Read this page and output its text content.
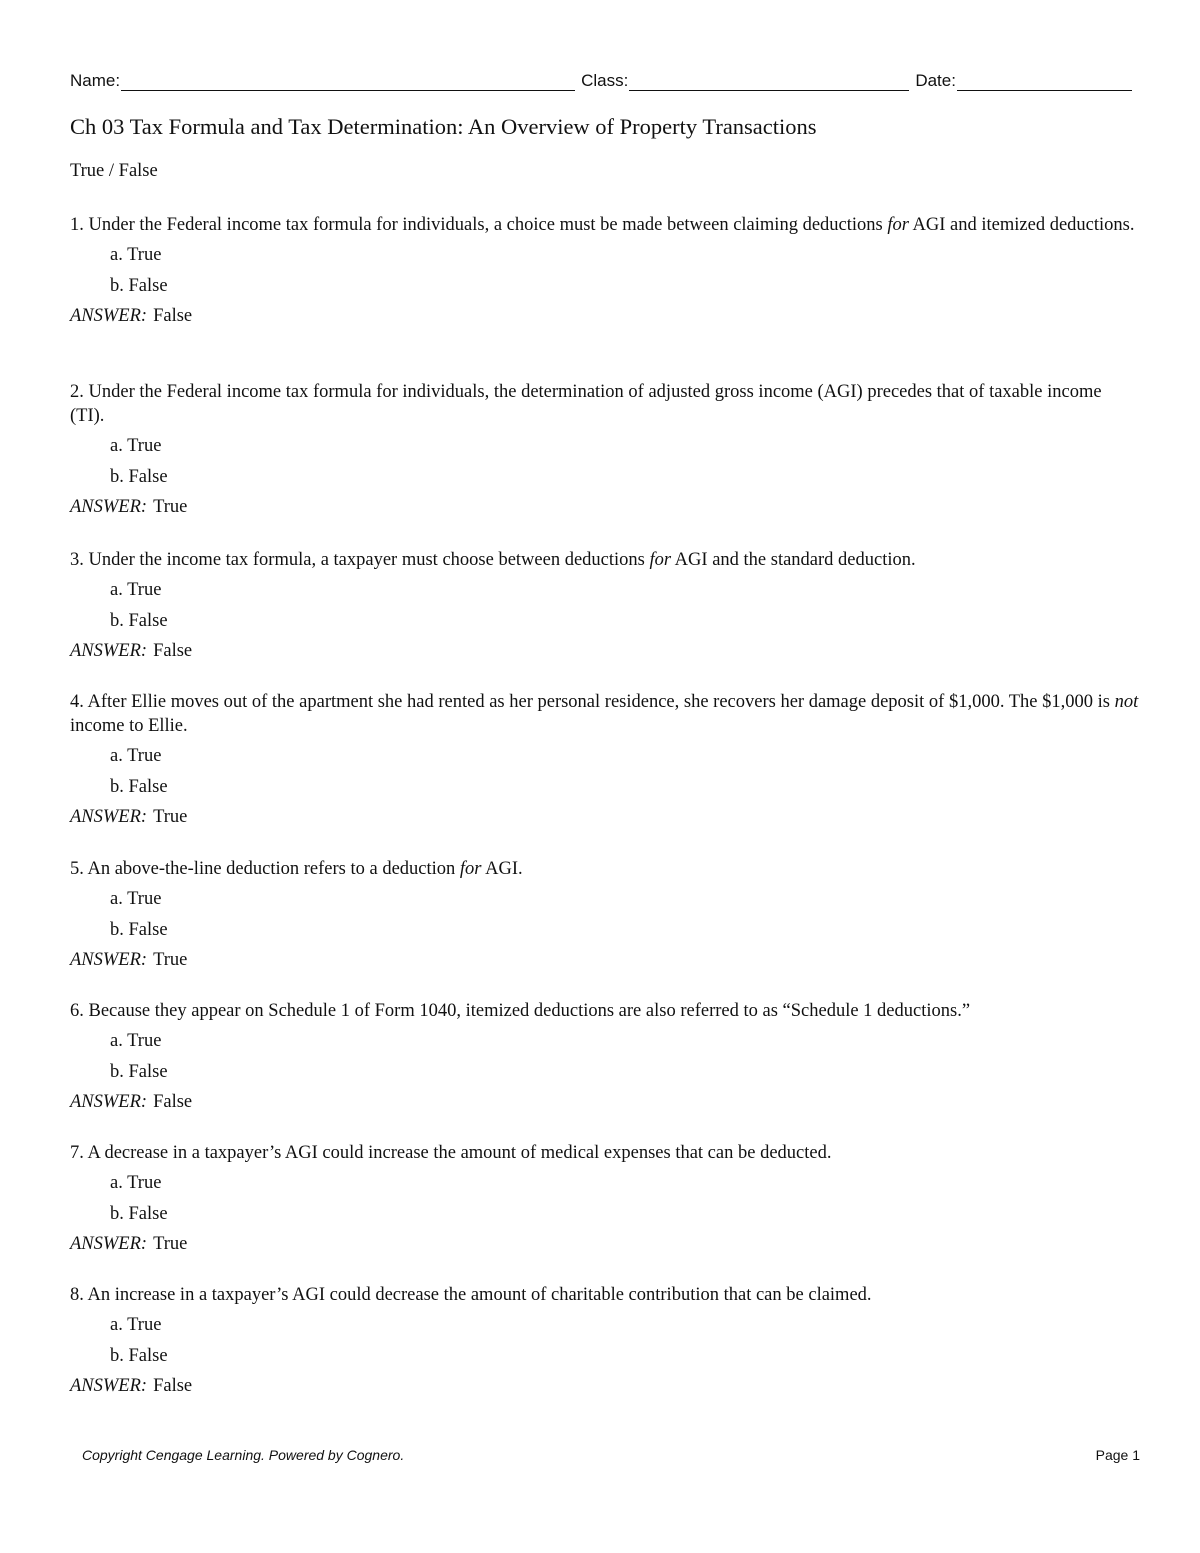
Name:	Class:	Date:
Ch 03 Tax Formula and Tax Determination: An Overview of Property Transactions
True / False

1. Under the Federal income tax formula for individuals, a choice must be made between claiming deductions for AGI and itemized deductions.

a. True
b. False
ANSWER: False

2. Under the Federal income tax formula for individuals, the determination of adjusted gross income (AGI) precedes that of taxable income (TI).

a. True
b. False
ANSWER: True

3. Under the income tax formula, a taxpayer must choose between deductions for AGI and the standard deduction.

a. True
b. False
ANSWER: False

4. After Ellie moves out of the apartment she had rented as her personal residence, she recovers her damage deposit of $1,000. The $1,000 is not income to Ellie.

a. True
b. False
ANSWER: True

5. An above-the-line deduction refers to a deduction for AGI.

a. True
b. False
ANSWER: True

6. Because they appear on Schedule 1 of Form 1040, itemized deductions are also referred to as “Schedule 1 deductions.”

a. True
b. False
ANSWER: False

7. A decrease in a taxpayer’s AGI could increase the amount of medical expenses that can be deducted.

a. True
b. False
ANSWER: True

8. An increase in a taxpayer’s AGI could decrease the amount of charitable contribution that can be claimed.

a. True
b. False
ANSWER: False
Copyright Cengage Learning. Powered by Cognero.	Page 1
